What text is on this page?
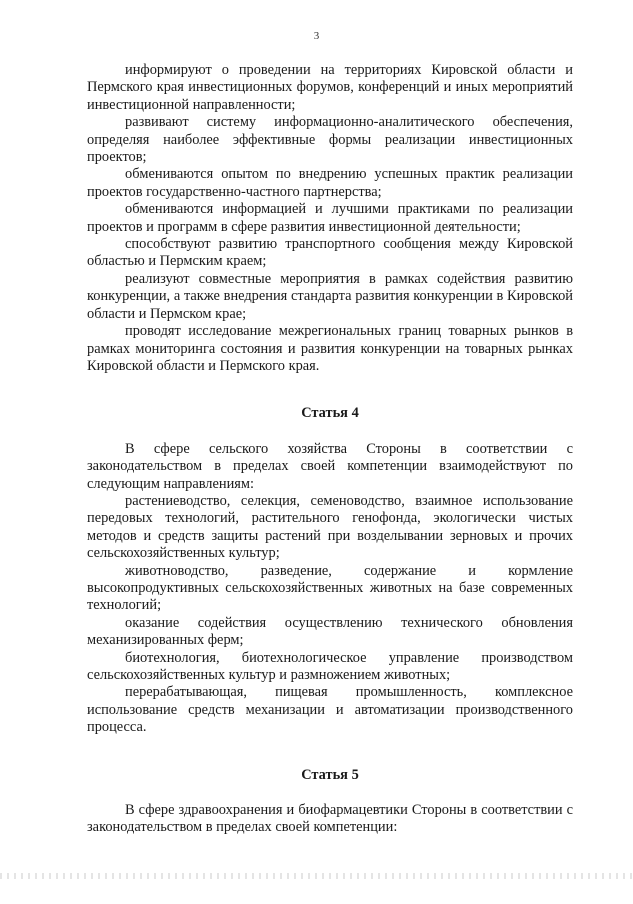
3

информируют о проведении на территориях Кировской области и Пермского края инвестиционных форумов, конференций и иных мероприятий инвестиционной направленности;

развивают систему информационно-аналитического обеспечения, определяя наиболее эффективные формы реализации инвестиционных проектов;

обмениваются опытом по внедрению успешных практик реализации проектов государственно-частного партнерства;

обмениваются информацией и лучшими практиками по реализации проектов и программ в сфере развития инвестиционной деятельности;

способствуют развитию транспортного сообщения между Кировской областью и Пермским краем;

реализуют совместные мероприятия в рамках содействия развитию конкуренции, а также внедрения стандарта развития конкуренции в Кировской области и Пермском крае;

проводят исследование межрегиональных границ товарных рынков в рамках мониторинга состояния и развития конкуренции на товарных рынках Кировской области и Пермского края.

Статья 4

В сфере сельского хозяйства Стороны в соответствии с законодательством в пределах своей компетенции взаимодействуют по следующим направлениям:

растениеводство, селекция, семеноводство, взаимное использование передовых технологий, растительного генофонда, экологически чистых методов и средств защиты растений при возделывании зерновых и прочих сельскохозяйственных культур;

животноводство, разведение, содержание и кормление высокопродуктивных сельскохозяйственных животных на базе современных технологий;

оказание содействия осуществлению технического обновления механизированных ферм;

биотехнология, биотехнологическое управление производством сельскохозяйственных культур и размножением животных;

перерабатывающая, пищевая промышленность, комплексное использование средств механизации и автоматизации производственного процесса.

Статья 5

В сфере здравоохранения и биофармацевтики Стороны в соответствии с законодательством в пределах своей компетенции:
